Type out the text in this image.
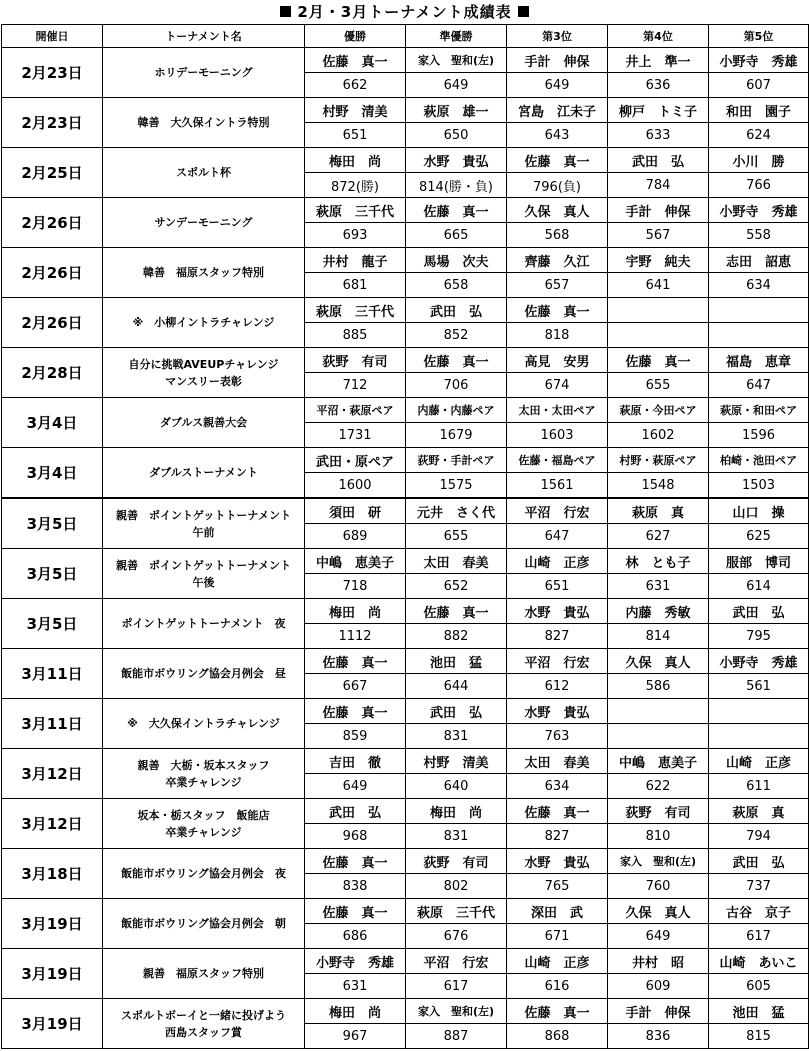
2月・3月トーナメント成績表
開催日	トーナメント名	優勝	準優勝	第3位	第4位	第5位
2月23日	ホリデーモーニング	佐藤　真一	家入　聖和(左)	手計　伸保	井上　準一	小野寺　秀雄
		662	649	649	636	607
2月23日	韓善　大久保イントラ特別	村野　清美	萩原　雄一	宮島　江未子	柳戸　トミ子	和田　園子
		651	650	643	633	624
2月25日	スポルト杯	梅田　尚	水野　貴弘	佐藤　真一	武田　弘	小川　勝
		872(勝)	814(勝・負)	796(負)	784	766
2月26日	サンデーモーニング	萩原　三千代	佐藤　真一	久保　真人	手計　伸保	小野寺　秀雄
		693	665	568	567	558
2月26日	韓善　福原スタッフ特別	井村　龍子	馬場　次夫	齊藤　久江	宇野　純夫	志田　詔恵
		681	658	657	641	634
2月26日	※　小柳イントラチャレンジ	萩原　三千代	武田　弘	佐藤　真一		
		885	852	818		
2月28日	自分に挑戦AVEUPチャレンジ
マンスリー表彰	荻野　有司	佐藤　真一	高見　安男	佐藤　真一	福島　恵章
		712	706	674	655	647
3月4日	ダブルス親善大会	平沼・萩原ペア	内藤・内藤ペア	太田・太田ペア	萩原・今田ペア	萩原・和田ペア
		1731	1679	1603	1602	1596
3月4日	ダブルストーナメント	武田・原ペア	荻野・手計ペア	佐藤・福島ペア	村野・萩原ペア	柏崎・池田ペア
		1600	1575	1561	1548	1503
3月5日	親善　ポイントゲットトーナメント
午前	須田　研	元井　さく代	平沼　行宏	萩原　真	山口　操
		689	655	647	627	625
3月5日	親善　ポイントゲットトーナメント
午後	中嶋　恵美子	太田　春美	山崎　正彦	林　とも子	服部　博司
		718	652	651	631	614
3月5日	ポイントゲットトーナメント　夜	梅田　尚	佐藤　真一	水野　貴弘	内藤　秀敏	武田　弘
		1112	882	827	814	795
3月11日	飯能市ボウリング協会月例会　昼	佐藤　真一	池田　猛	平沼　行宏	久保　真人	小野寺　秀雄
		667	644	612	586	561
3月11日	※　大久保イントラチャレンジ	佐藤　真一	武田　弘	水野　貴弘		
		859	831	763		
3月12日	親善　大栃・坂本スタッフ
卒業チャレンジ	吉田　徹	村野　清美	太田　春美	中嶋　恵美子	山崎　正彦
		649	640	634	622	611
3月12日	坂本・栃スタッフ　飯能店
卒業チャレンジ	武田　弘	梅田　尚	佐藤　真一	荻野　有司	萩原　真
		968	831	827	810	794
3月18日	飯能市ボウリング協会月例会　夜	佐藤　真一	荻野　有司	水野　貴弘	家入　聖和(左)	武田　弘
		838	802	765	760	737
3月19日	飯能市ボウリング協会月例会　朝	佐藤　真一	萩原　三千代	深田　武	久保　真人	古谷　京子
		686	676	671	649	617
3月19日	親善　福原スタッフ特別	小野寺　秀雄	平沼　行宏	山崎　正彦	井村　昭	山崎　あいこ
		631	617	616	609	605
3月19日	スポルトボーイと一緒に投げよう
西島スタッフ賞	梅田　尚	家入　聖和(左)	佐藤　真一	手計　伸保	池田　猛
		967	887	868	836	815
